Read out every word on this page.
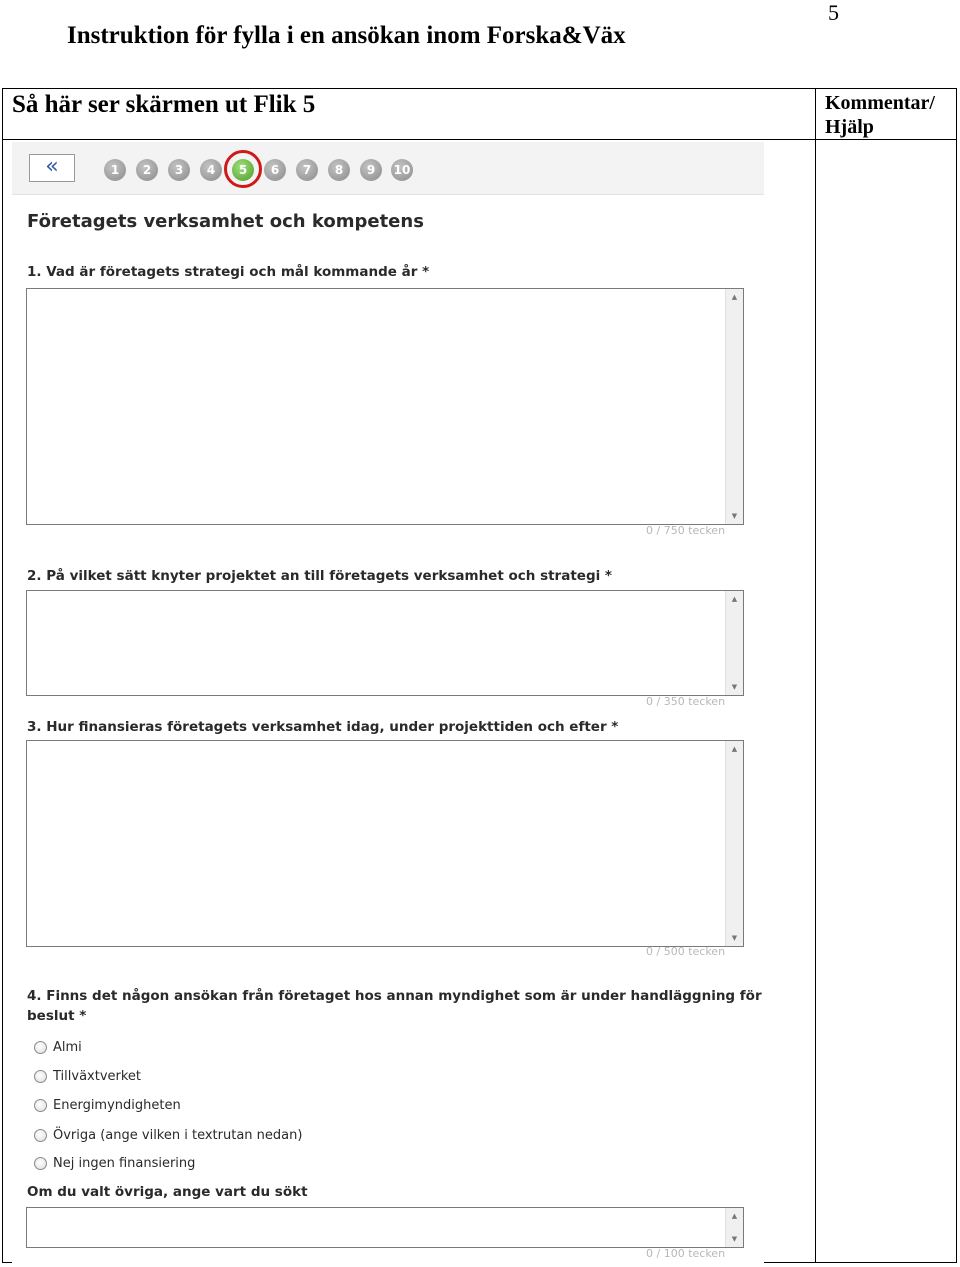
Instruktion för fylla i en ansökan inom Forska&Väx
5
Så här ser skärmen ut Flik 5	Kommentar/ Hjälp
«	1	2	3	4	5	6	7	8	9	10
Företagets verksamhet och kompetens
1. Vad är företagets strategi och mål kommande år *
▲
▼
0 / 750 tecken
2. På vilket sätt knyter projektet an till företagets verksamhet och strategi *
▲
▼
0 / 350 tecken
3. Hur finansieras företagets verksamhet idag, under projekttiden och efter *
▲
▼
0 / 500 tecken
4. Finns det någon ansökan från företaget hos annan myndighet som är under handläggning för beslut *
Almi
Tillväxtverket
Energimyndigheten
Övriga (ange vilken i textrutan nedan)
Nej ingen finansiering
Om du valt övriga, ange vart du sökt
▲
▼
0 / 100 tecken
